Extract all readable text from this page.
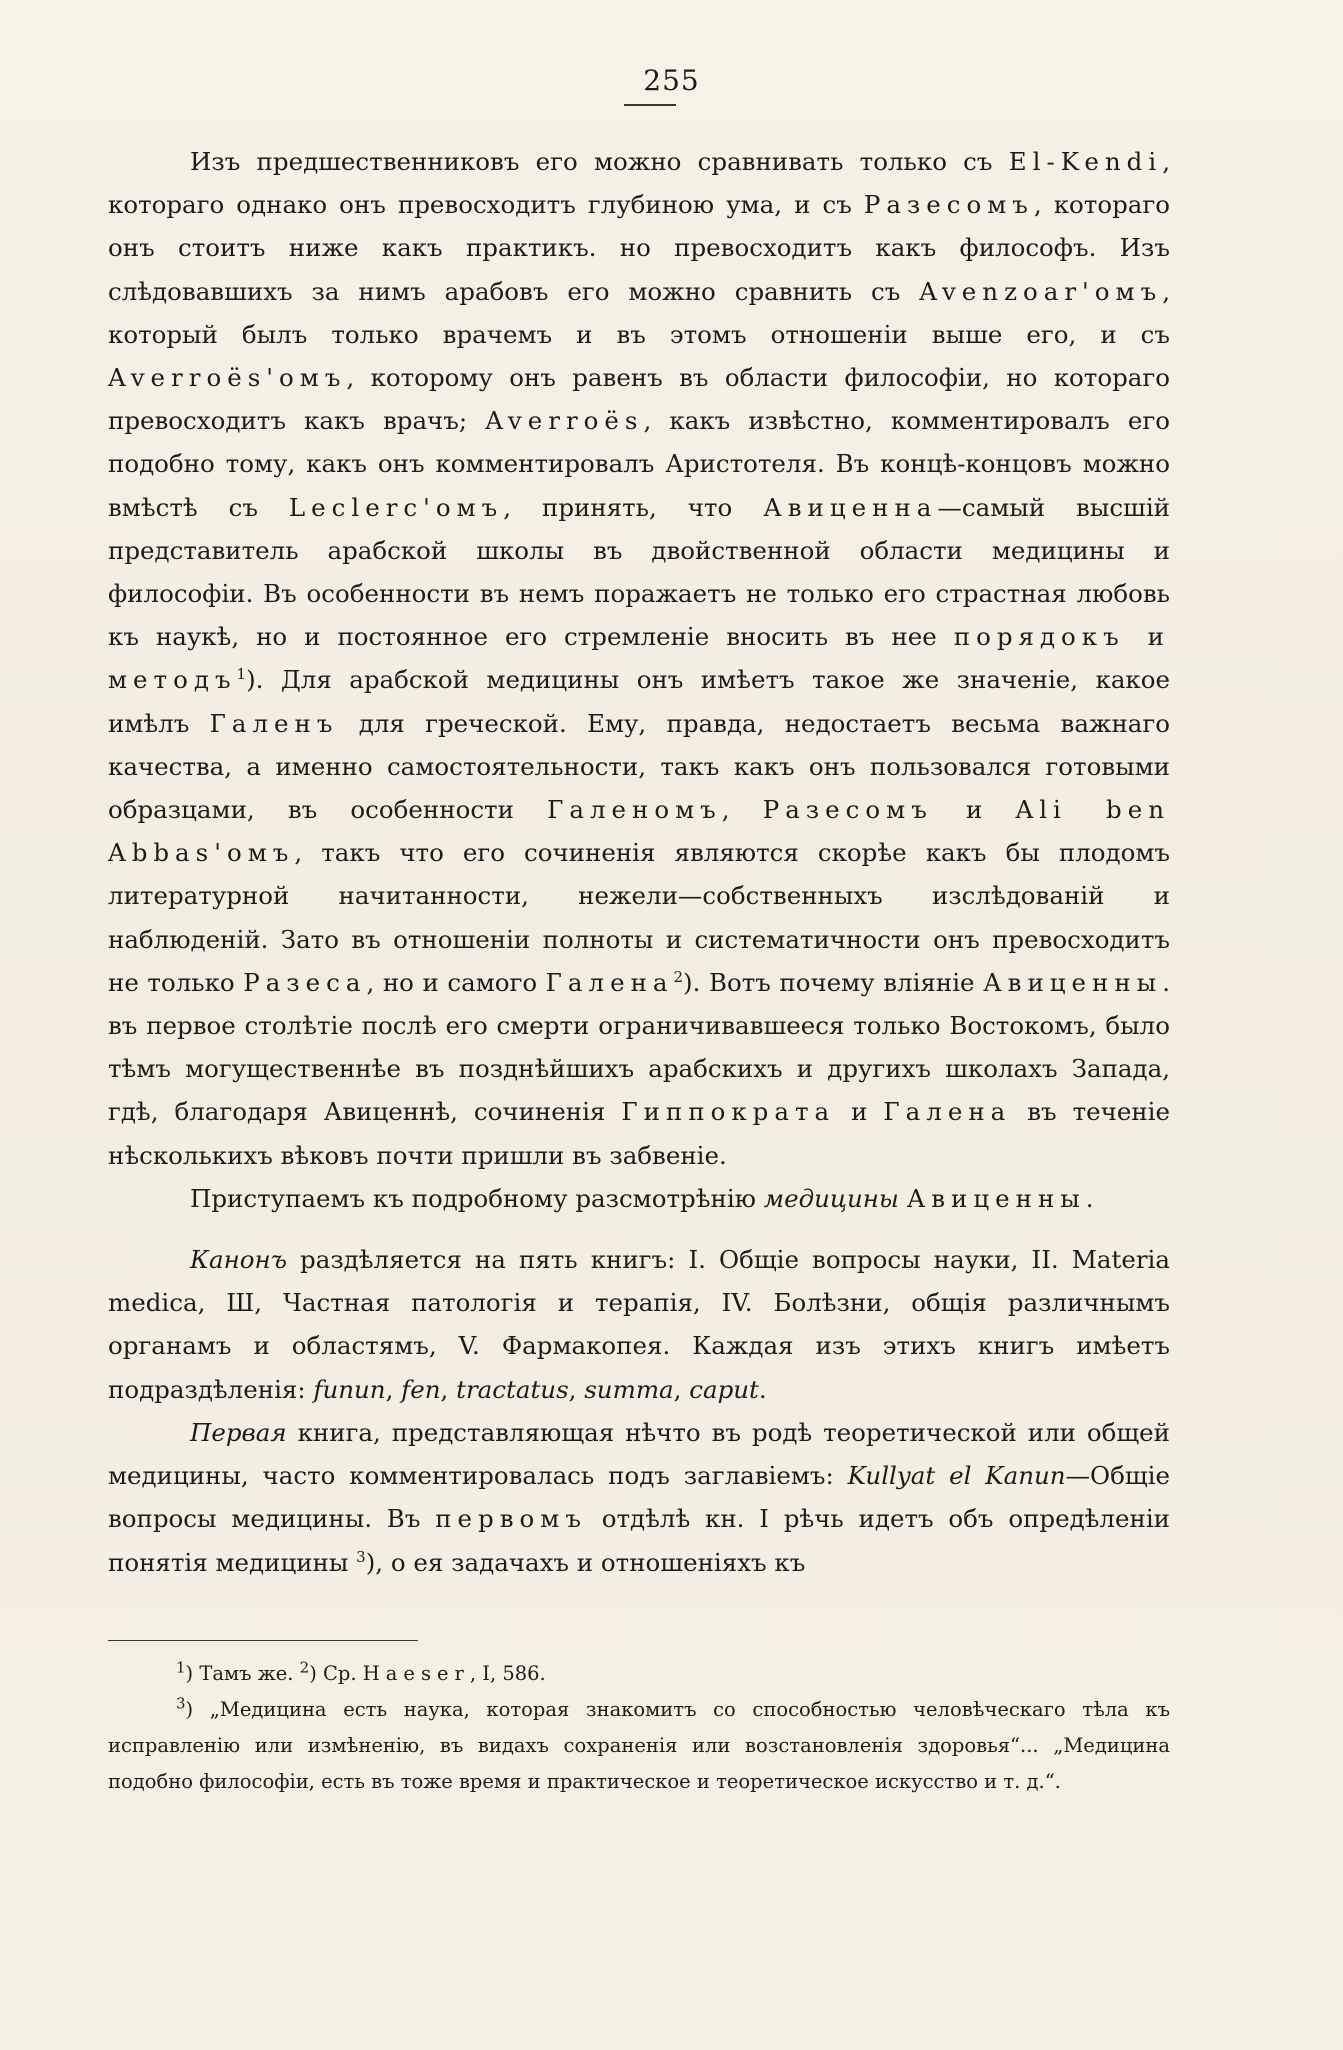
255

Изъ предшественниковъ его можно сравнивать только съ El-Kendi, котораго однако онъ превосходитъ глубиною ума, и съ Разесомъ, котораго онъ стоитъ ниже какъ практикъ. но превосходитъ какъ философъ. Изъ слѣдовавшихъ за нимъ арабовъ его можно сравнить съ Avenzoar'омъ, который былъ только врачемъ и въ этомъ отношенiи выше его, и съ Averroës'омъ, которому онъ равенъ въ области философiи, но котораго превосходитъ какъ врачъ; Averroës, какъ извѣстно, комментировалъ его подобно тому, какъ онъ комментировалъ Аристотеля. Въ концѣ-концовъ можно вмѣстѣ съ Leclerc'омъ, принять, что Авиценна—самый высшiй представитель арабской школы въ двойственной области медицины и философiи. Въ особенности въ немъ поражаетъ не только его страстная любовь къ наукѣ, но и постоянное его стремленiе вносить въ нее порядокъ и методъ$^1$). Для арабской медицины онъ имѣетъ такое же значенiе, какое имѣлъ Галенъ для греческой. Ему, правда, недостаетъ весьма важнаго качества, а именно самостоятельности, такъ какъ онъ пользовался готовыми образцами, въ особенности Галеномъ, Разесомъ и Ali ben Abbas'омъ, такъ что его сочиненiя являются скорѣе какъ бы плодомъ литературной начитанности, нежели—собственныхъ изслѣдованiй и наблюденiй. Зато въ отношенiи полноты и систематичности онъ превосходитъ не только Разеса, но и самого Галена$^2$). Вотъ почему влiянiе Авиценны. въ первое столѣтiе послѣ его смерти ограничивавшееся только Востокомъ, было тѣмъ могущественнѣе въ позднѣйшихъ арабскихъ и другихъ школахъ Запада, гдѣ, благодаря Авиценнѣ, сочиненiя Гиппократа и Галена въ теченiе нѣсколькихъ вѣковъ почти пришли въ забвенiе.

Приступаемъ къ подробному разсмотрѣнiю медицины Авиценны.

Канонъ раздѣляется на пять книгъ: I. Общiе вопросы науки, II. Materia medica, Ш, Частная патологiя и терапiя, IV. Болѣзни, общiя различнымъ органамъ и областямъ, V. Фармакопея. Каждая изъ этихъ книгъ имѣетъ подраздѣленiя: funun, fen, tractatus, summa, caput.

Первая книга, представляющая нѣчто въ родѣ теоретической или общей медицины, часто комментировалась подъ заглавiемъ: Kullyat el Kanun—Общiе вопросы медицины. Въ первомъ отдѣлѣ кн. I рѣчь идетъ объ опредѣленiи понятiя медицины $^3$), о ея задачахъ и отношенiяхъ къ

$^1$) Тамъ же. $^2$) Ср. Haeser, I, 586.

$^3$) „Медицина есть наука, которая знакомитъ со способностью человѣческаго тѣла къ исправленiю или измѣненiю, въ видахъ сохраненiя или возстановленiя здоровья“... „Медицина подобно философiи, есть въ тоже время и практическое и теоретическое искусство и т. д.“.
